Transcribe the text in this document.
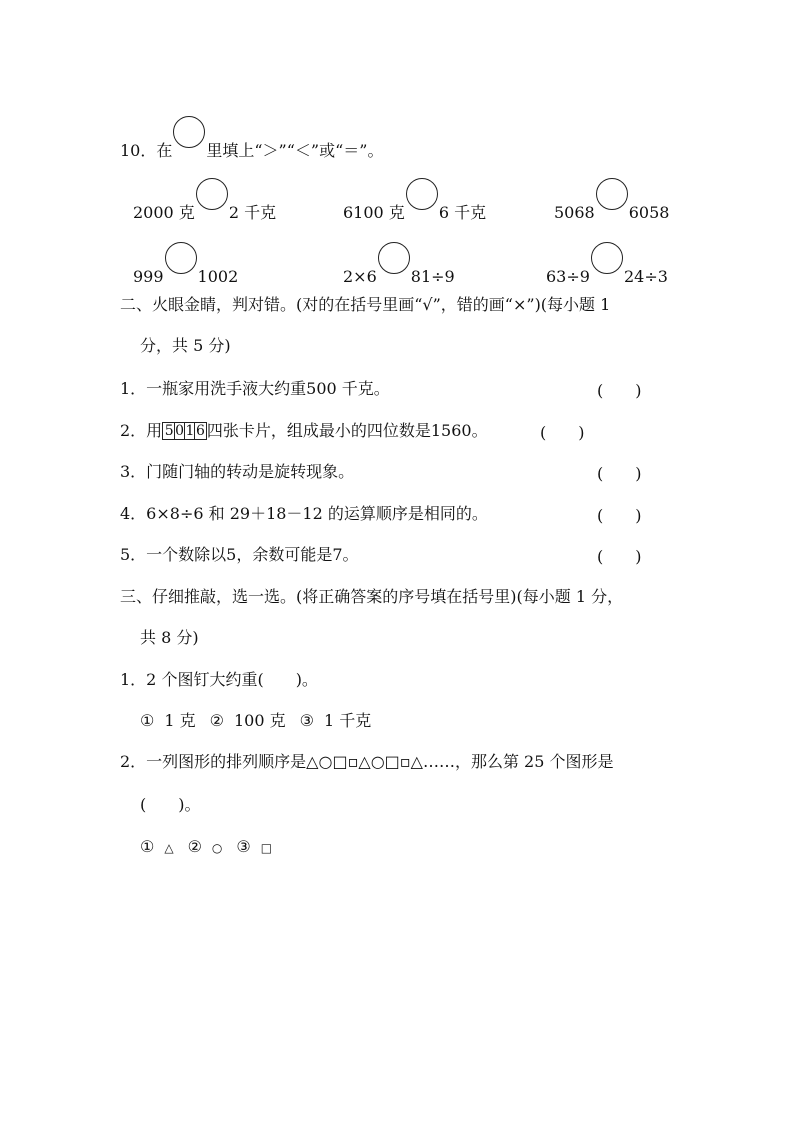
10．在 里填上“＞”“＜”或“＝”。
2000 克 2 千克	6100 克 6 千克	5068 6058
999 1002	2×6 81÷9	63÷9 24÷3
二、火眼金睛，判对错。(对的在括号里画“√”，错的画“×”)(每小题 1
分，共 5 分)
1．一瓶家用洗手液大约重500 千克。	(　　)
2．用 5 0 1 6 四张卡片，组成最小的四位数是1560。	(　　)
3．门随门轴的转动是旋转现象。	(　　)
4．6×8÷6 和 29＋18－12 的运算顺序是相同的。	(　　)
5．一个数除以5，余数可能是7。	(　　)
三、仔细推敲，选一选。(将正确答案的序号填在括号里)(每小题 1 分，
共 8 分)
1．2 个图钉大约重(　　)。
① 1 克 ② 100 克 ③ 1 千克
2．一列图形的排列顺序是△○□▫△○□▫△……，那么第 25 个图形是
(　　)。
① △ ② ○ ③ □
